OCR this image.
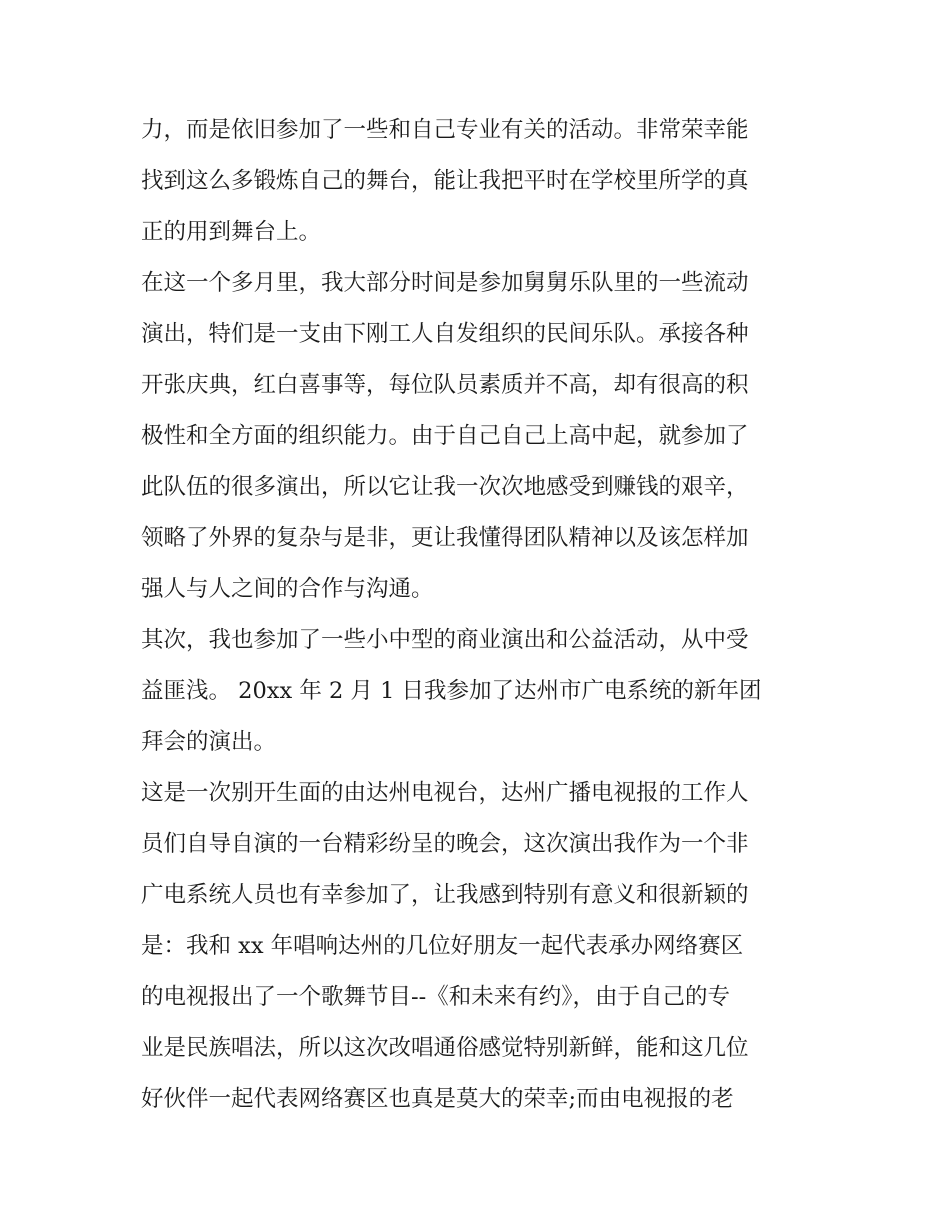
力，而是依旧参加了一些和自己专业有关的活动。非常荣幸能
找到这么多锻炼自己的舞台，能让我把平时在学校里所学的真
正的用到舞台上。
在这一个多月里，我大部分时间是参加舅舅乐队里的一些流动
演出，特们是一支由下刚工人自发组织的民间乐队。承接各种
开张庆典，红白喜事等，每位队员素质并不高，却有很高的积
极性和全方面的组织能力。由于自己自己上高中起，就参加了
此队伍的很多演出，所以它让我一次次地感受到赚钱的艰辛，
领略了外界的复杂与是非，更让我懂得团队精神以及该怎样加
强人与人之间的合作与沟通。
其次，我也参加了一些小中型的商业演出和公益活动，从中受
益匪浅。 20xx 年 2 月 1 日我参加了达州市广电系统的新年团
拜会的演出。
这是一次别开生面的由达州电视台，达州广播电视报的工作人
员们自导自演的一台精彩纷呈的晚会，这次演出我作为一个非
广电系统人员也有幸参加了，让我感到特别有意义和很新颖的
是：我和 xx 年唱响达州的几位好朋友一起代表承办网络赛区
的电视报出了一个歌舞节目--《和未来有约》，由于自己的专
业是民族唱法，所以这次改唱通俗感觉特别新鲜，能和这几位
好伙伴一起代表网络赛区也真是莫大的荣幸;而由电视报的老
